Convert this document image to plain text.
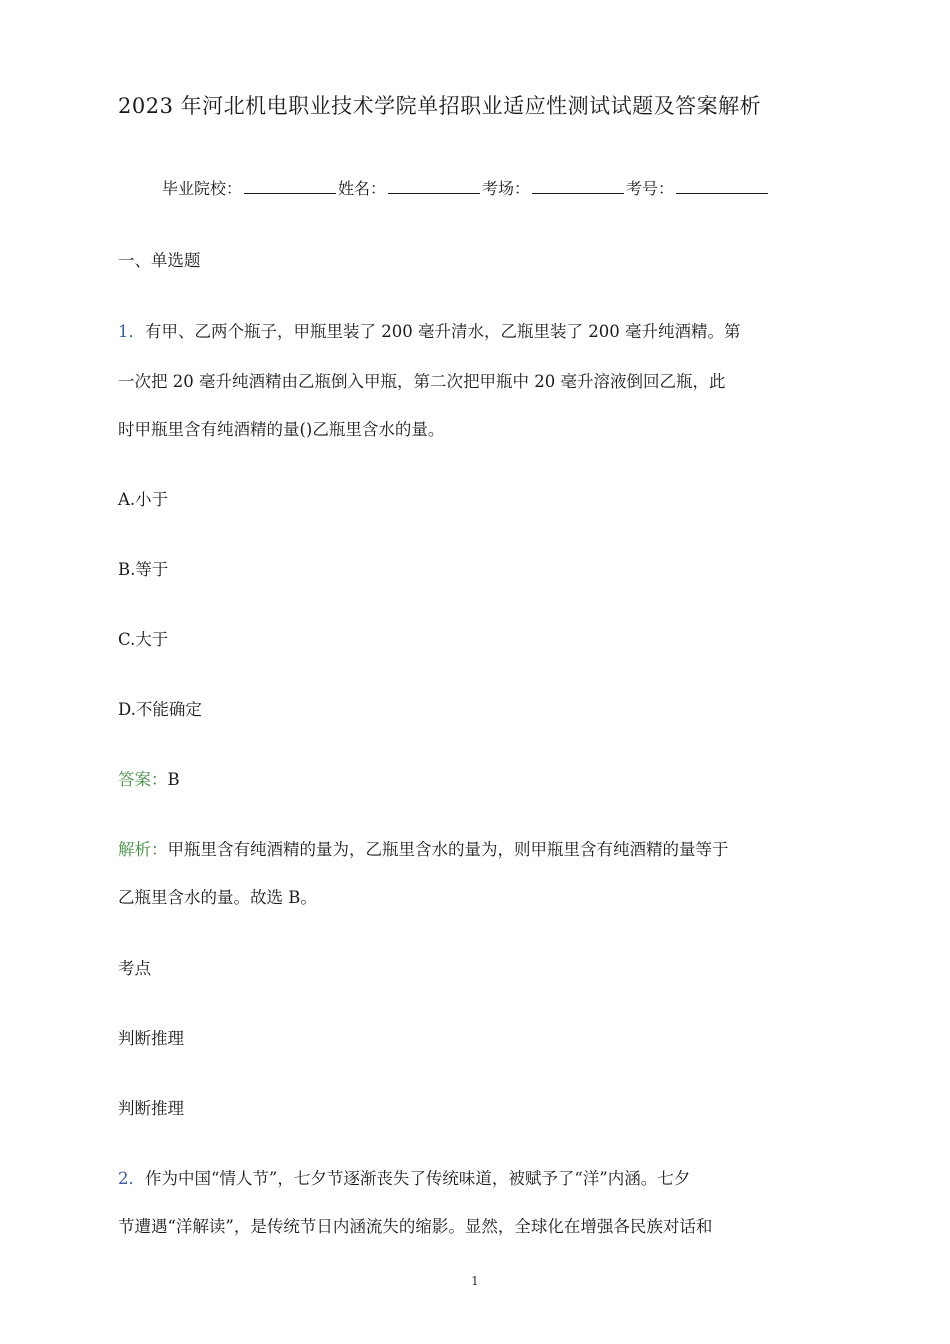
2023 年河北机电职业技术学院单招职业适应性测试试题及答案解析
毕业院校：	姓名：	考场：	考号：
一、单选题
1．有甲、乙两个瓶子，甲瓶里装了 200 毫升清水，乙瓶里装了 200 毫升纯酒精。第
一次把 20 毫升纯酒精由乙瓶倒入甲瓶，第二次把甲瓶中 20 毫升溶液倒回乙瓶，此
时甲瓶里含有纯酒精的量()乙瓶里含水的量。
A.小于
B.等于
C.大于
D.不能确定
答案：B
解析：甲瓶里含有纯酒精的量为，乙瓶里含水的量为，则甲瓶里含有纯酒精的量等于
乙瓶里含水的量。故选 B。
考点
判断推理
判断推理
2．作为中国“情人节”，七夕节逐渐丧失了传统味道，被赋予了“洋”内涵。七夕
节遭遇“洋解读”，是传统节日内涵流失的缩影。显然，全球化在增强各民族对话和
1
